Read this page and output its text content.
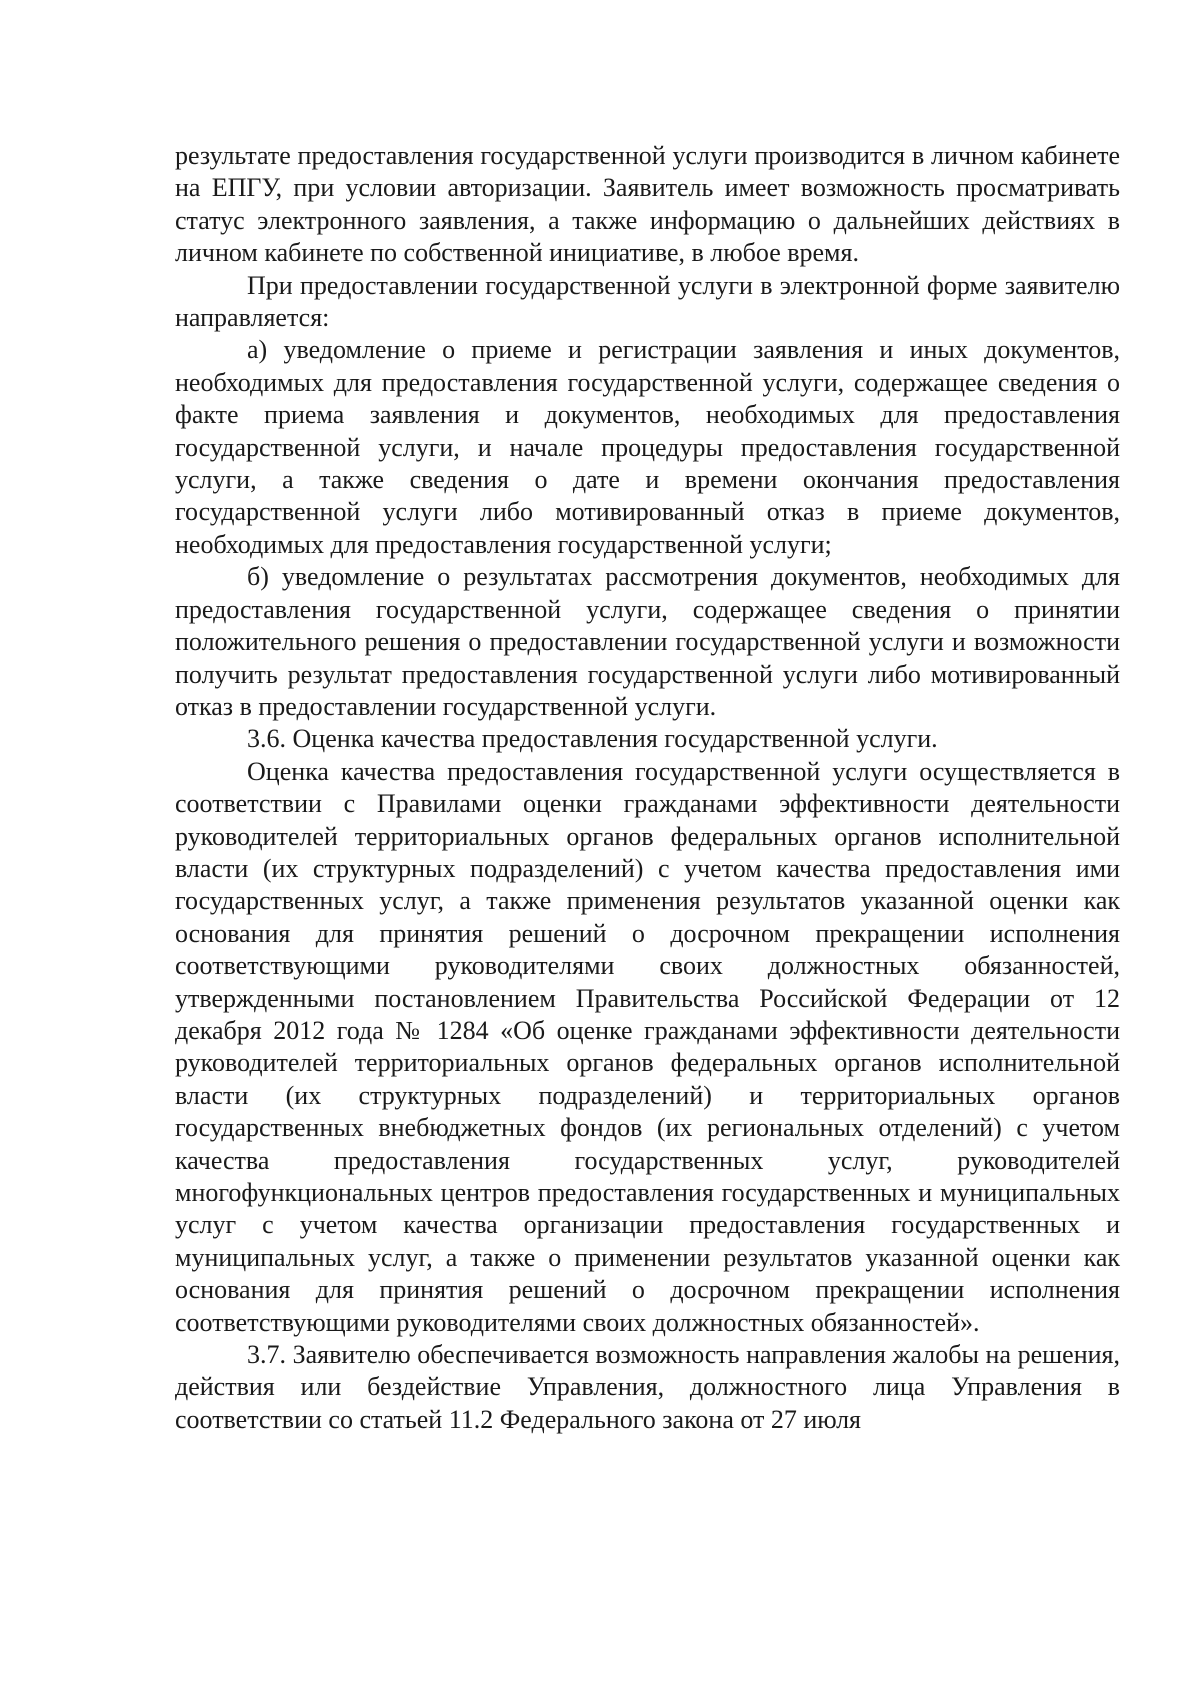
результате предоставления государственной услуги производится в личном кабинете на ЕПГУ, при условии авторизации. Заявитель имеет возможность просматривать статус электронного заявления, а также информацию о дальнейших действиях в личном кабинете по собственной инициативе, в любое время.

При предоставлении государственной услуги в электронной форме заявителю направляется:

а) уведомление о приеме и регистрации заявления и иных документов, необходимых для предоставления государственной услуги, содержащее сведения о факте приема заявления и документов, необходимых для предоставления государственной услуги, и начале процедуры предоставления государственной услуги, а также сведения о дате и времени окончания предоставления государственной услуги либо мотивированный отказ в приеме документов, необходимых для предоставления государственной услуги;

б) уведомление о результатах рассмотрения документов, необходимых для предоставления государственной услуги, содержащее сведения о принятии положительного решения о предоставлении государственной услуги и возможности получить результат предоставления государственной услуги либо мотивированный отказ в предоставлении государственной услуги.

3.6. Оценка качества предоставления государственной услуги.

Оценка качества предоставления государственной услуги осуществляется в соответствии с Правилами оценки гражданами эффективности деятельности руководителей территориальных органов федеральных органов исполнительной власти (их структурных подразделений) с учетом качества предоставления ими государственных услуг, а также применения результатов указанной оценки как основания для принятия решений о досрочном прекращении исполнения соответствующими руководителями своих должностных обязанностей, утвержденными постановлением Правительства Российской Федерации от 12 декабря 2012 года № 1284 «Об оценке гражданами эффективности деятельности руководителей территориальных органов федеральных органов исполнительной власти (их структурных подразделений) и территориальных органов государственных внебюджетных фондов (их региональных отделений) с учетом качества предоставления государственных услуг, руководителей многофункциональных центров предоставления государственных и муниципальных услуг с учетом качества организации предоставления государственных и муниципальных услуг, а также о применении результатов указанной оценки как основания для принятия решений о досрочном прекращении исполнения соответствующими руководителями своих должностных обязанностей».

3.7. Заявителю обеспечивается возможность направления жалобы на решения, действия или бездействие Управления, должностного лица Управления в соответствии со статьей 11.2 Федерального закона от 27 июля
